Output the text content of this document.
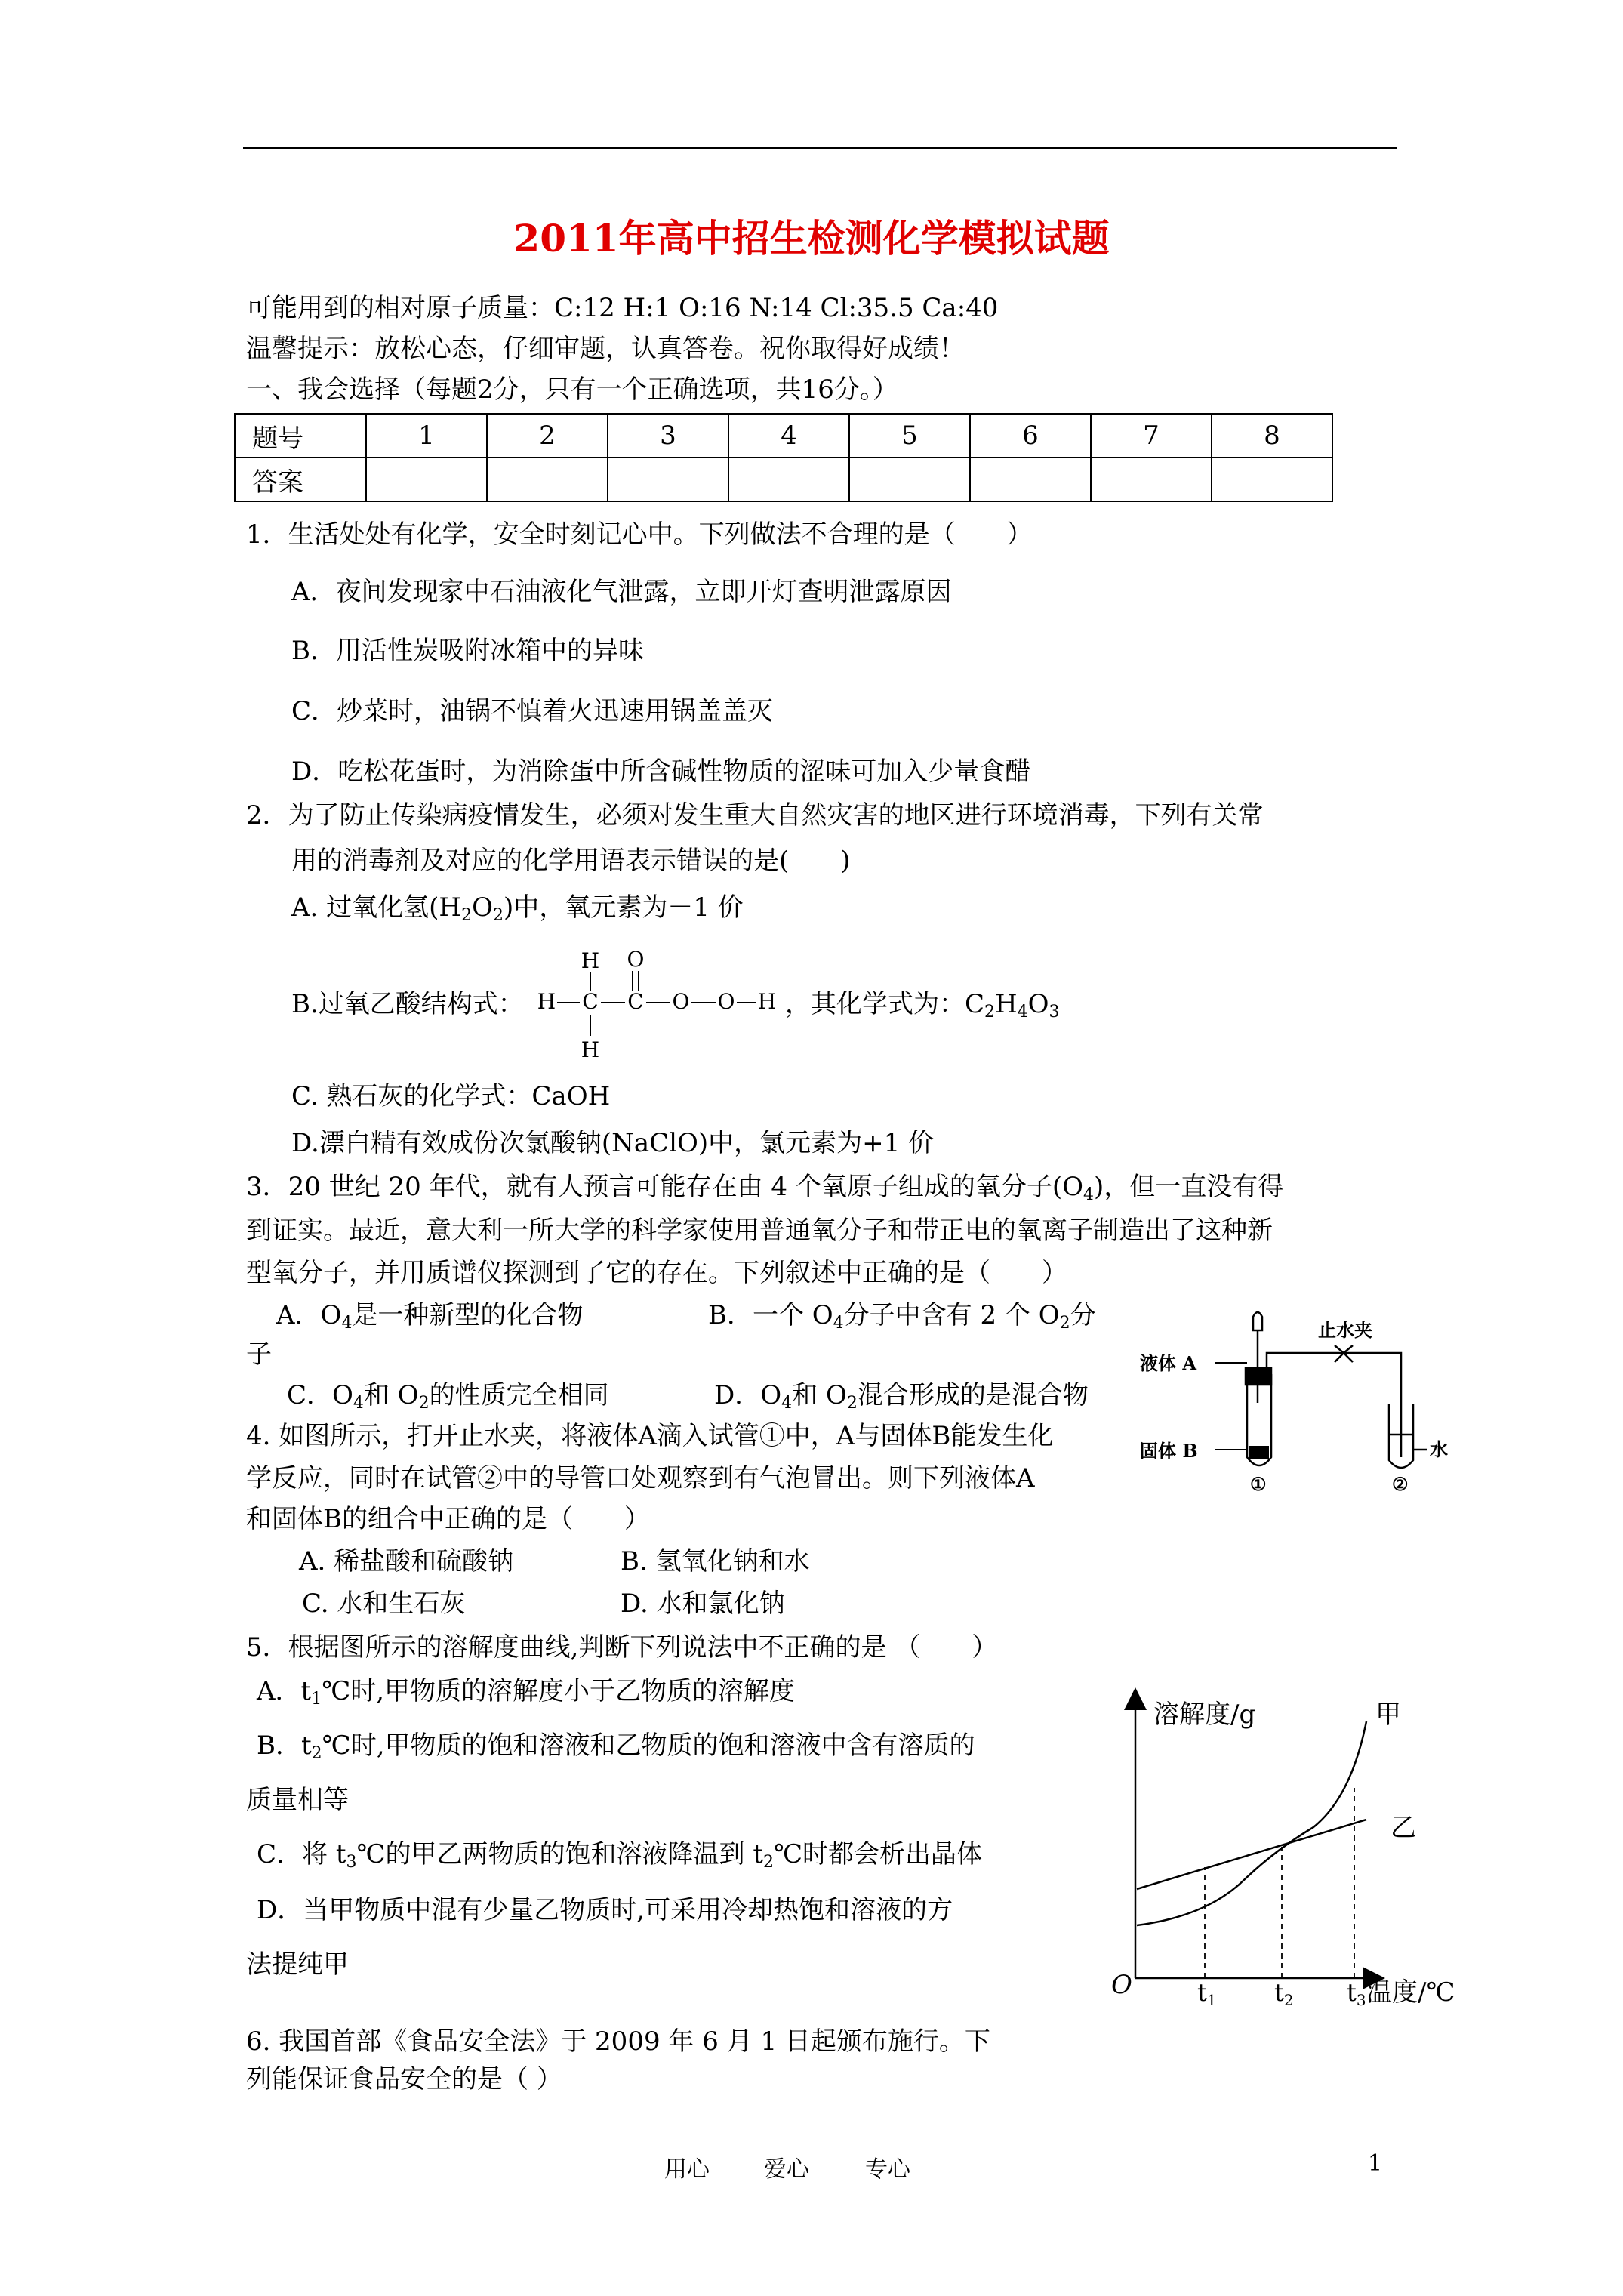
2011年高中招生检测化学模拟试题
可能用到的相对原子质量：C:12 H:1 O:16 N:14 Cl:35.5 Ca:40
温馨提示：放松心态，仔细审题，认真答卷。祝你取得好成绩！
一、我会选择（每题2分，只有一个正确选项，共16分。）
题号	1	2	3	4	5	6	7	8
答案								
1．生活处处有化学，安全时刻记心中。下列做法不合理的是（　　）
A．夜间发现家中石油液化气泄露，立即开灯查明泄露原因
B．用活性炭吸附冰箱中的异味
C．炒菜时，油锅不慎着火迅速用锅盖盖灭
D．吃松花蛋时，为消除蛋中所含碱性物质的涩味可加入少量食醋
2．为了防止传染病疫情发生，必须对发生重大自然灾害的地区进行环境消毒，下列有关常
用的消毒剂及对应的化学用语表示错误的是(　　)
A. 过氧化氢$(H_2O_2)$中，氧元素为－1 价
B.过氧乙酸结构式：
H O
H C C O O H
H
，其化学式为：$C_2H_4O_3$
C. 熟石灰的化学式：CaOH
D.漂白精有效成份次氯酸钠(NaClO)中，氯元素为+1 价
3．20 世纪 20 年代，就有人预言可能存在由 4 个氧原子组成的氧分子$(O_4)$，但一直没有得
到证实。最近，意大利一所大学的科学家使用普通氧分子和带正电的氧离子制造出了这种新
型氧分子，并用质谱仪探测到了它的存在。下列叙述中正确的是（　　）
A．$O_4$是一种新型的化合物	B．一个 $O_4$分子中含有 2 个 $O_2$分
子
C．$O_4$和 $O_2$的性质完全相同	D．$O_4$和 $O_2$混合形成的是混合物
液体 A
止水夹
固体 B	水
①	②
4. 如图所示，打开止水夹，将液体A滴入试管①中，A与固体B能发生化
学反应，同时在试管②中的导管口处观察到有气泡冒出。则下列液体A
和固体B的组合中正确的是（　　）
A. 稀盐酸和硫酸钠	B. 氢氧化钠和水
C. 水和生石灰	D. 水和氯化钠
5．根据图所示的溶解度曲线,判断下列说法中不正确的是 （　　）
A．$t_1℃$时,甲物质的溶解度小于乙物质的溶解度
B．$t_2℃$时,甲物质的饱和溶液和乙物质的饱和溶液中含有溶质的
质量相等
C．将 $t_3℃$的甲乙两物质的饱和溶液降温到 $t_2℃$时都会析出晶体
D．当甲物质中混有少量乙物质时,可采用冷却热饱和溶液的方
法提纯甲
溶解度/g
温度/℃
O
甲
乙
t1 t2 t3
6. 我国首部《食品安全法》于 2009 年 6 月 1 日起颁布施行。下
列能保证食品安全的是（ ）
用心 爱心 专心	1
